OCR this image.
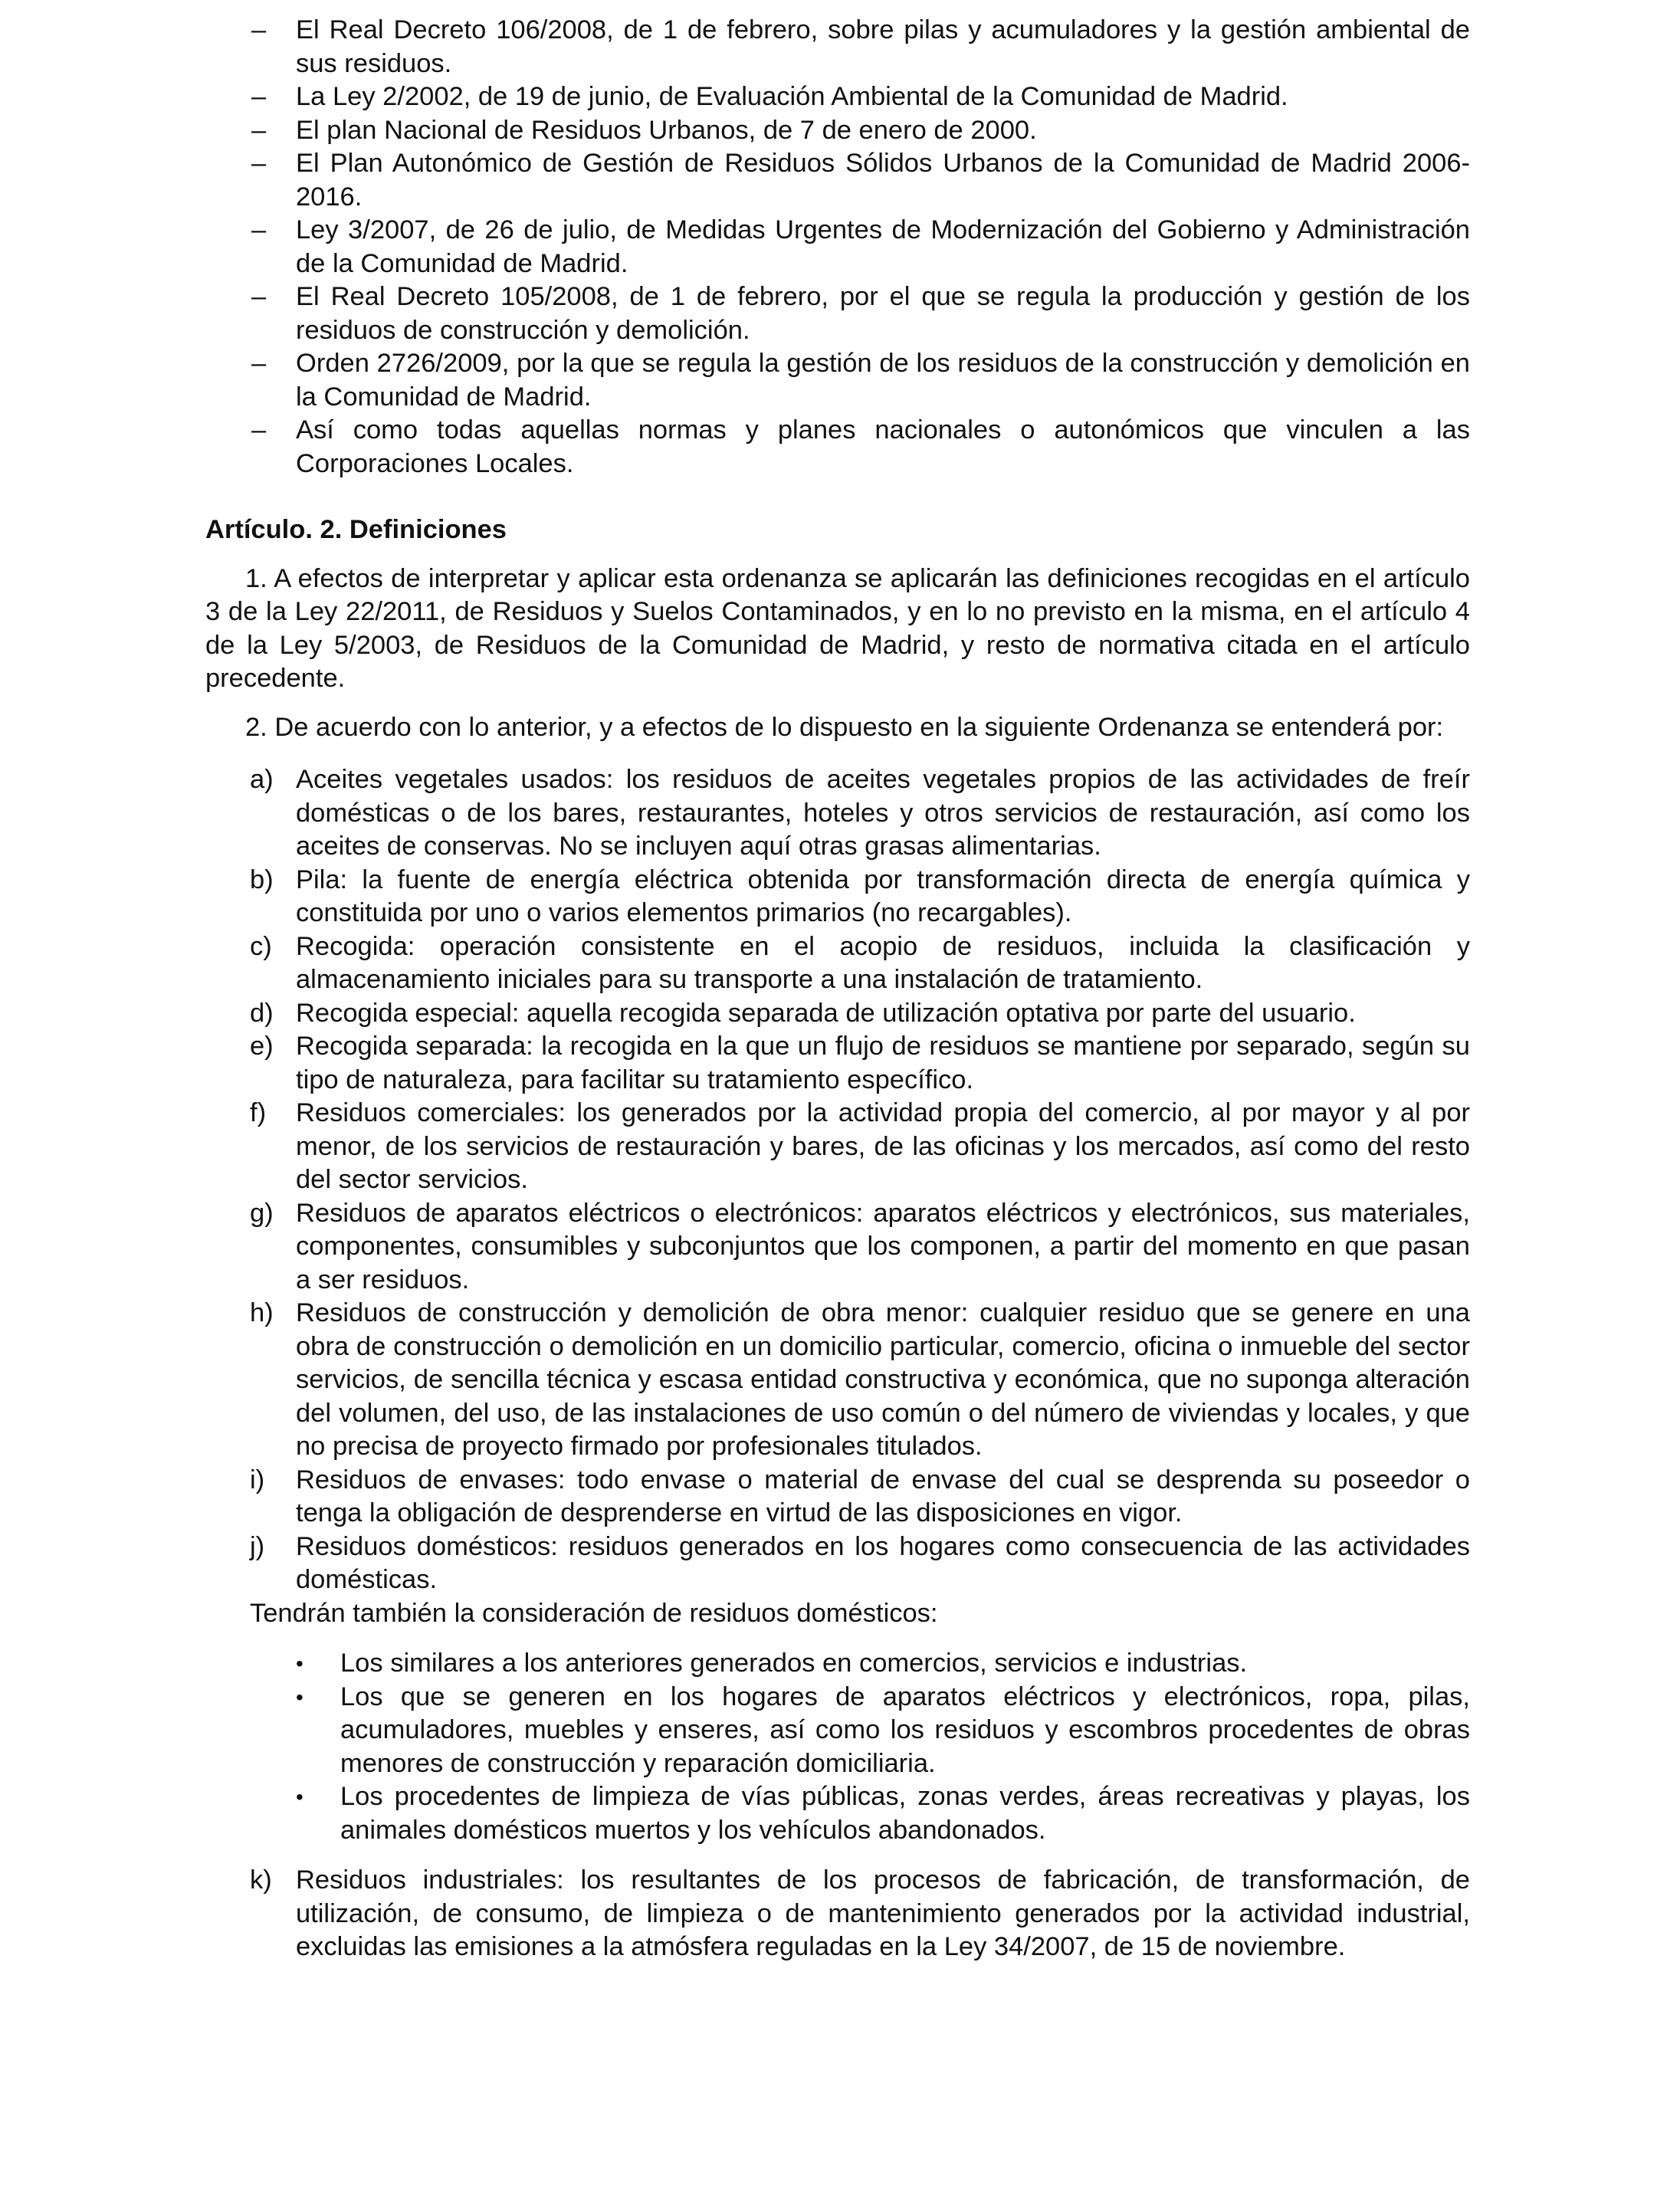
– El Real Decreto 106/2008, de 1 de febrero, sobre pilas y acumuladores y la gestión ambiental de sus residuos.
– La Ley 2/2002, de 19 de junio, de Evaluación Ambiental de la Comunidad de Madrid.
– El plan Nacional de Residuos Urbanos, de 7 de enero de 2000.
– El Plan Autonómico de Gestión de Residuos Sólidos Urbanos de la Comunidad de Madrid 2006-2016.
– Ley 3/2007, de 26 de julio, de Medidas Urgentes de Modernización del Gobierno y Administración de la Comunidad de Madrid.
– El Real Decreto 105/2008, de 1 de febrero, por el que se regula la producción y gestión de los residuos de construcción y demolición.
– Orden 2726/2009, por la que se regula la gestión de los residuos de la construcción y demolición en la Comunidad de Madrid.
– Así como todas aquellas normas y planes nacionales o autonómicos que vinculen a las Corporaciones Locales.
Artículo. 2. Definiciones

1. A efectos de interpretar y aplicar esta ordenanza se aplicarán las definiciones recogidas en el artículo 3 de la Ley 22/2011, de Residuos y Suelos Contaminados, y en lo no previsto en la misma, en el artículo 4 de la Ley 5/2003, de Residuos de la Comunidad de Madrid, y resto de normativa citada en el artículo precedente.

2. De acuerdo con lo anterior, y a efectos de lo dispuesto en la siguiente Ordenanza se entenderá por:

a) Aceites vegetales usados: los residuos de aceites vegetales propios de las actividades de freír domésticas o de los bares, restaurantes, hoteles y otros servicios de restauración, así como los aceites de conservas. No se incluyen aquí otras grasas alimentarias.
b) Pila: la fuente de energía eléctrica obtenida por transformación directa de energía química y constituida por uno o varios elementos primarios (no recargables).
c) Recogida: operación consistente en el acopio de residuos, incluida la clasificación y almacenamiento iniciales para su transporte a una instalación de tratamiento.
d) Recogida especial: aquella recogida separada de utilización optativa por parte del usuario.
e) Recogida separada: la recogida en la que un flujo de residuos se mantiene por separado, según su tipo de naturaleza, para facilitar su tratamiento específico.
f) Residuos comerciales: los generados por la actividad propia del comercio, al por mayor y al por menor, de los servicios de restauración y bares, de las oficinas y los mercados, así como del resto del sector servicios.
g) Residuos de aparatos eléctricos o electrónicos: aparatos eléctricos y electrónicos, sus materiales, componentes, consumibles y subconjuntos que los componen, a partir del momento en que pasan a ser residuos.
h) Residuos de construcción y demolición de obra menor: cualquier residuo que se genere en una obra de construcción o demolición en un domicilio particular, comercio, oficina o inmueble del sector servicios, de sencilla técnica y escasa entidad constructiva y económica, que no suponga alteración del volumen, del uso, de las instalaciones de uso común o del número de viviendas y locales, y que no precisa de proyecto firmado por profesionales titulados.
i) Residuos de envases: todo envase o material de envase del cual se desprenda su poseedor o tenga la obligación de desprenderse en virtud de las disposiciones en vigor.
j) Residuos domésticos: residuos generados en los hogares como consecuencia de las actividades domésticas.

Tendrán también la consideración de residuos domésticos:

• Los similares a los anteriores generados en comercios, servicios e industrias.
• Los que se generen en los hogares de aparatos eléctricos y electrónicos, ropa, pilas, acumuladores, muebles y enseres, así como los residuos y escombros procedentes de obras menores de construcción y reparación domiciliaria.
• Los procedentes de limpieza de vías públicas, zonas verdes, áreas recreativas y playas, los animales domésticos muertos y los vehículos abandonados.
k) Residuos industriales: los resultantes de los procesos de fabricación, de transformación, de utilización, de consumo, de limpieza o de mantenimiento generados por la actividad industrial, excluidas las emisiones a la atmósfera reguladas en la Ley 34/2007, de 15 de noviembre.
